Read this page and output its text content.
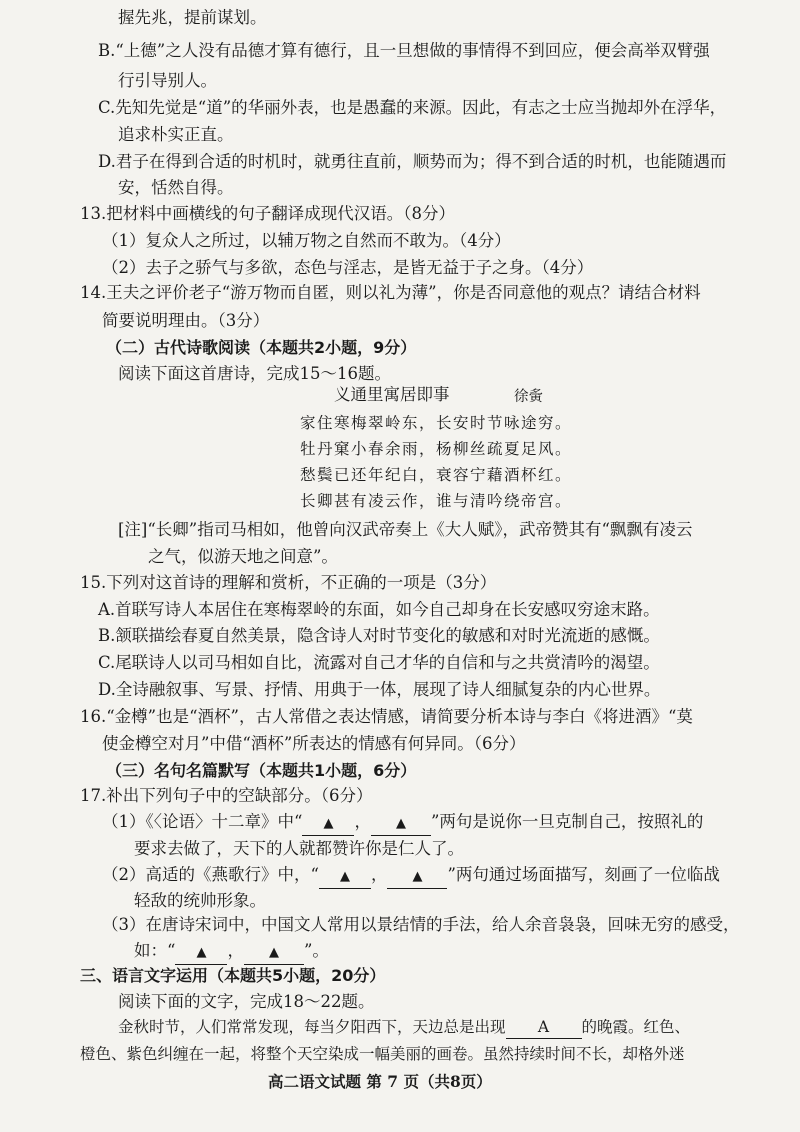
握先兆，提前谋划。
B.“上德”之人没有品德才算有德行，且一旦想做的事情得不到回应，便会高举双臂强
行引导别人。
C.先知先觉是“道”的华丽外表，也是愚蠢的来源。因此，有志之士应当抛却外在浮华，
追求朴实正直。
D.君子在得到合适的时机时，就勇往直前，顺势而为；得不到合适的时机，也能随遇而
安，恬然自得。
13.把材料中画横线的句子翻译成现代汉语。（8分）
（1）复众人之所过，以辅万物之自然而不敢为。（4分）
（2）去子之骄气与多欲，态色与淫志，是皆无益于子之身。（4分）
14.王夫之评价老子“游万物而自匿，则以礼为薄”，你是否同意他的观点？请结合材料
简要说明理由。（3分）
（二）古代诗歌阅读（本题共2小题，9分）
阅读下面这首唐诗，完成15～16题。
义通里寓居即事	徐夤
家住寒梅翠岭东，长安时节咏途穷。
牡丹窠小春余雨，杨柳丝疏夏足风。
愁鬓已还年纪白，衰容宁藉酒杯红。
长卿甚有凌云作，谁与清吟绕帝宫。
[注]“长卿”指司马相如，他曾向汉武帝奏上《大人赋》，武帝赞其有“飘飘有凌云
之气，似游天地之间意”。
15.下列对这首诗的理解和赏析，不正确的一项是（3分）
A.首联写诗人本居住在寒梅翠岭的东面，如今自己却身在长安感叹穷途末路。
B.颔联描绘春夏自然美景，隐含诗人对时节变化的敏感和对时光流逝的感慨。
C.尾联诗人以司马相如自比，流露对自己才华的自信和与之共赏清吟的渴望。
D.全诗融叙事、写景、抒情、用典于一体，展现了诗人细腻复杂的内心世界。
16.“金樽”也是“酒杯”，古人常借之表达情感，请简要分析本诗与李白《将进酒》“莫
使金樽空对月”中借“酒杯”所表达的情感有何异同。（6分）
（三）名句名篇默写（本题共1小题，6分）
17.补出下列句子中的空缺部分。（6分）
（1）《〈论语〉十二章》中“ ▲ ， ▲ ”两句是说你一旦克制自己，按照礼的
要求去做了，天下的人就都赞许你是仁人了。
（2）高适的《燕歌行》中，“ ▲ ， ▲ ”两句通过场面描写，刻画了一位临战
轻敌的统帅形象。
（3）在唐诗宋词中，中国文人常用以景结情的手法，给人余音袅袅，回味无穷的感受，
如：“ ▲ ， ▲ ”。
三、语言文字运用（本题共5小题，20分）
阅读下面的文字，完成18～22题。
金秋时节，人们常常发现，每当夕阳西下，天边总是出现 A 的晚霞。红色、
橙色、紫色纠缠在一起，将整个天空染成一幅美丽的画卷。虽然持续时间不长，却格外迷
高二语文试题 第 7 页（共8页）
